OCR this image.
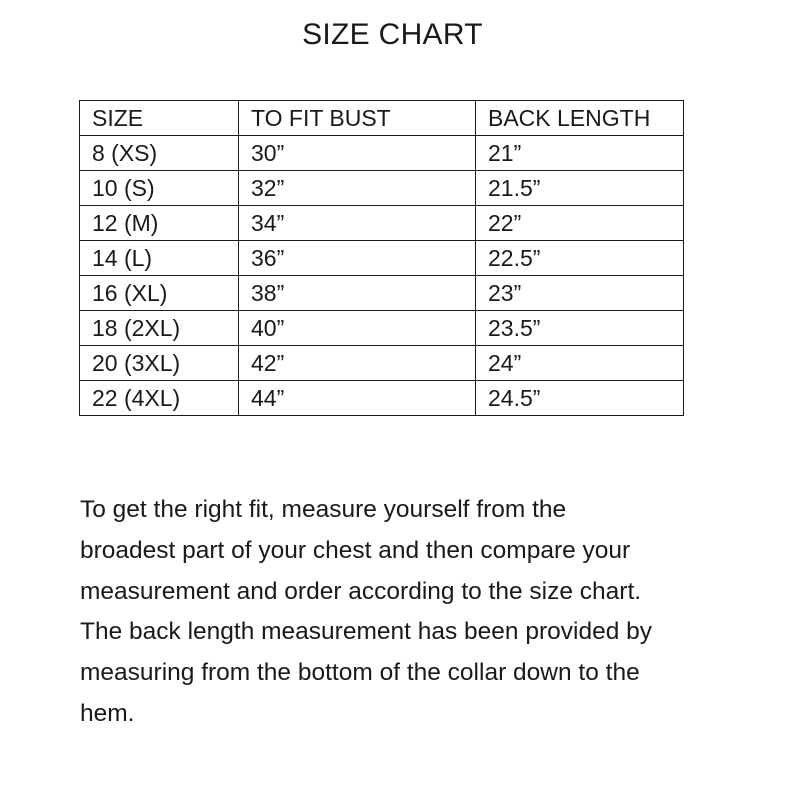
SIZE CHART
SIZE	TO FIT BUST	BACK LENGTH
8 (XS)	30”	21”
10 (S)	32”	21.5”
12 (M)	34”	22”
14 (L)	36”	22.5”
16 (XL)	38”	23”
18 (2XL)	40”	23.5”
20 (3XL)	42”	24”
22 (4XL)	44”	24.5”
To get the right fit, measure yourself from the
broadest part of your chest and then compare your
measurement and order according to the size chart.
The back length measurement has been provided by
measuring from the bottom of the collar down to the
hem.
